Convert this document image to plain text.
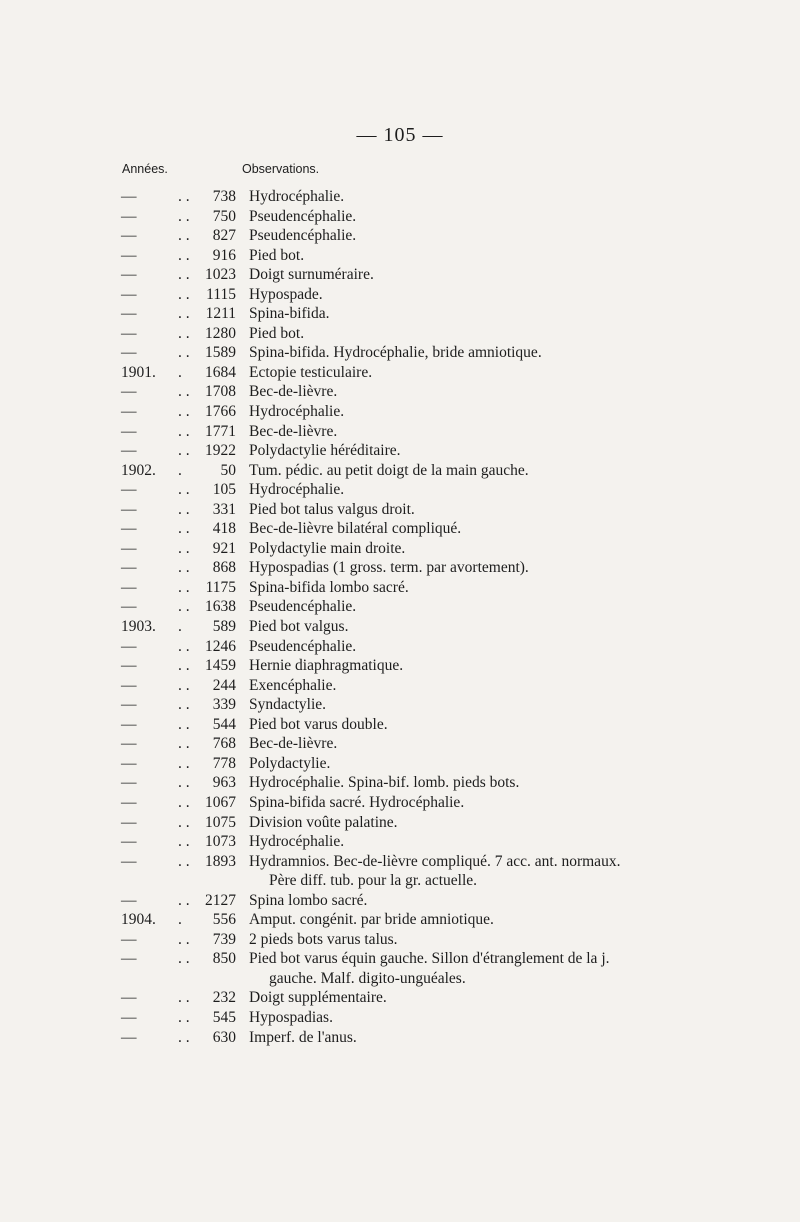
— 105 —
Années.	Observations.
—	. . 738 Hydrocéphalie.
—	. . 750 Pseudencéphalie.
—	. . 827 Pseudencéphalie.
—	. . 916 Pied bot.
—	. . 1023 Doigt surnuméraire.
—	. . 1115 Hypospade.
—	. . 1211 Spina-bifida.
—	. . 1280 Pied bot.
—	. . 1589 Spina-bifida. Hydrocéphalie, bride amniotique.
1901.	. 1684 Ectopie testiculaire.
—	. . 1708 Bec-de-lièvre.
—	. . 1766 Hydrocéphalie.
—	. . 1771 Bec-de-lièvre.
—	. . 1922 Polydactylie héréditaire.
1902.	. 50 Tum. pédic. au petit doigt de la main gauche.
—	. . 105 Hydrocéphalie.
—	. . 331 Pied bot talus valgus droit.
—	. . 418 Bec-de-lièvre bilatéral compliqué.
—	. . 921 Polydactylie main droite.
—	. . 868 Hypospadias (1 gross. term. par avortement).
—	. . 1175 Spina-bifida lombo sacré.
—	. . 1638 Pseudencéphalie.
1903.	. 589 Pied bot valgus.
—	. . 1246 Pseudencéphalie.
—	. . 1459 Hernie diaphragmatique.
—	. . 244 Exencéphalie.
—	. . 339 Syndactylie.
—	. . 544 Pied bot varus double.
—	. . 768 Bec-de-lièvre.
—	. . 778 Polydactylie.
—	. . 963 Hydrocéphalie. Spina-bif. lomb. pieds bots.
—	. . 1067 Spina-bifida sacré. Hydrocéphalie.
—	. . 1075 Division voûte palatine.
—	. . 1073 Hydrocéphalie.
—	. . 1893 Hydramnios. Bec-de-lièvre compliqué. 7 acc. ant. normaux.
Père diff. tub. pour la gr. actuelle.
—	. . 2127 Spina lombo sacré.
1904.	. 556 Amput. congénit. par bride amniotique.
—	. . 739 2 pieds bots varus talus.
—	. . 850 Pied bot varus équin gauche. Sillon d'étranglement de la j.
gauche. Malf. digito-unguéales.
—	. . 232 Doigt supplémentaire.
—	. . 545 Hypospadias.
—	. . 630 Imperf. de l'anus.
